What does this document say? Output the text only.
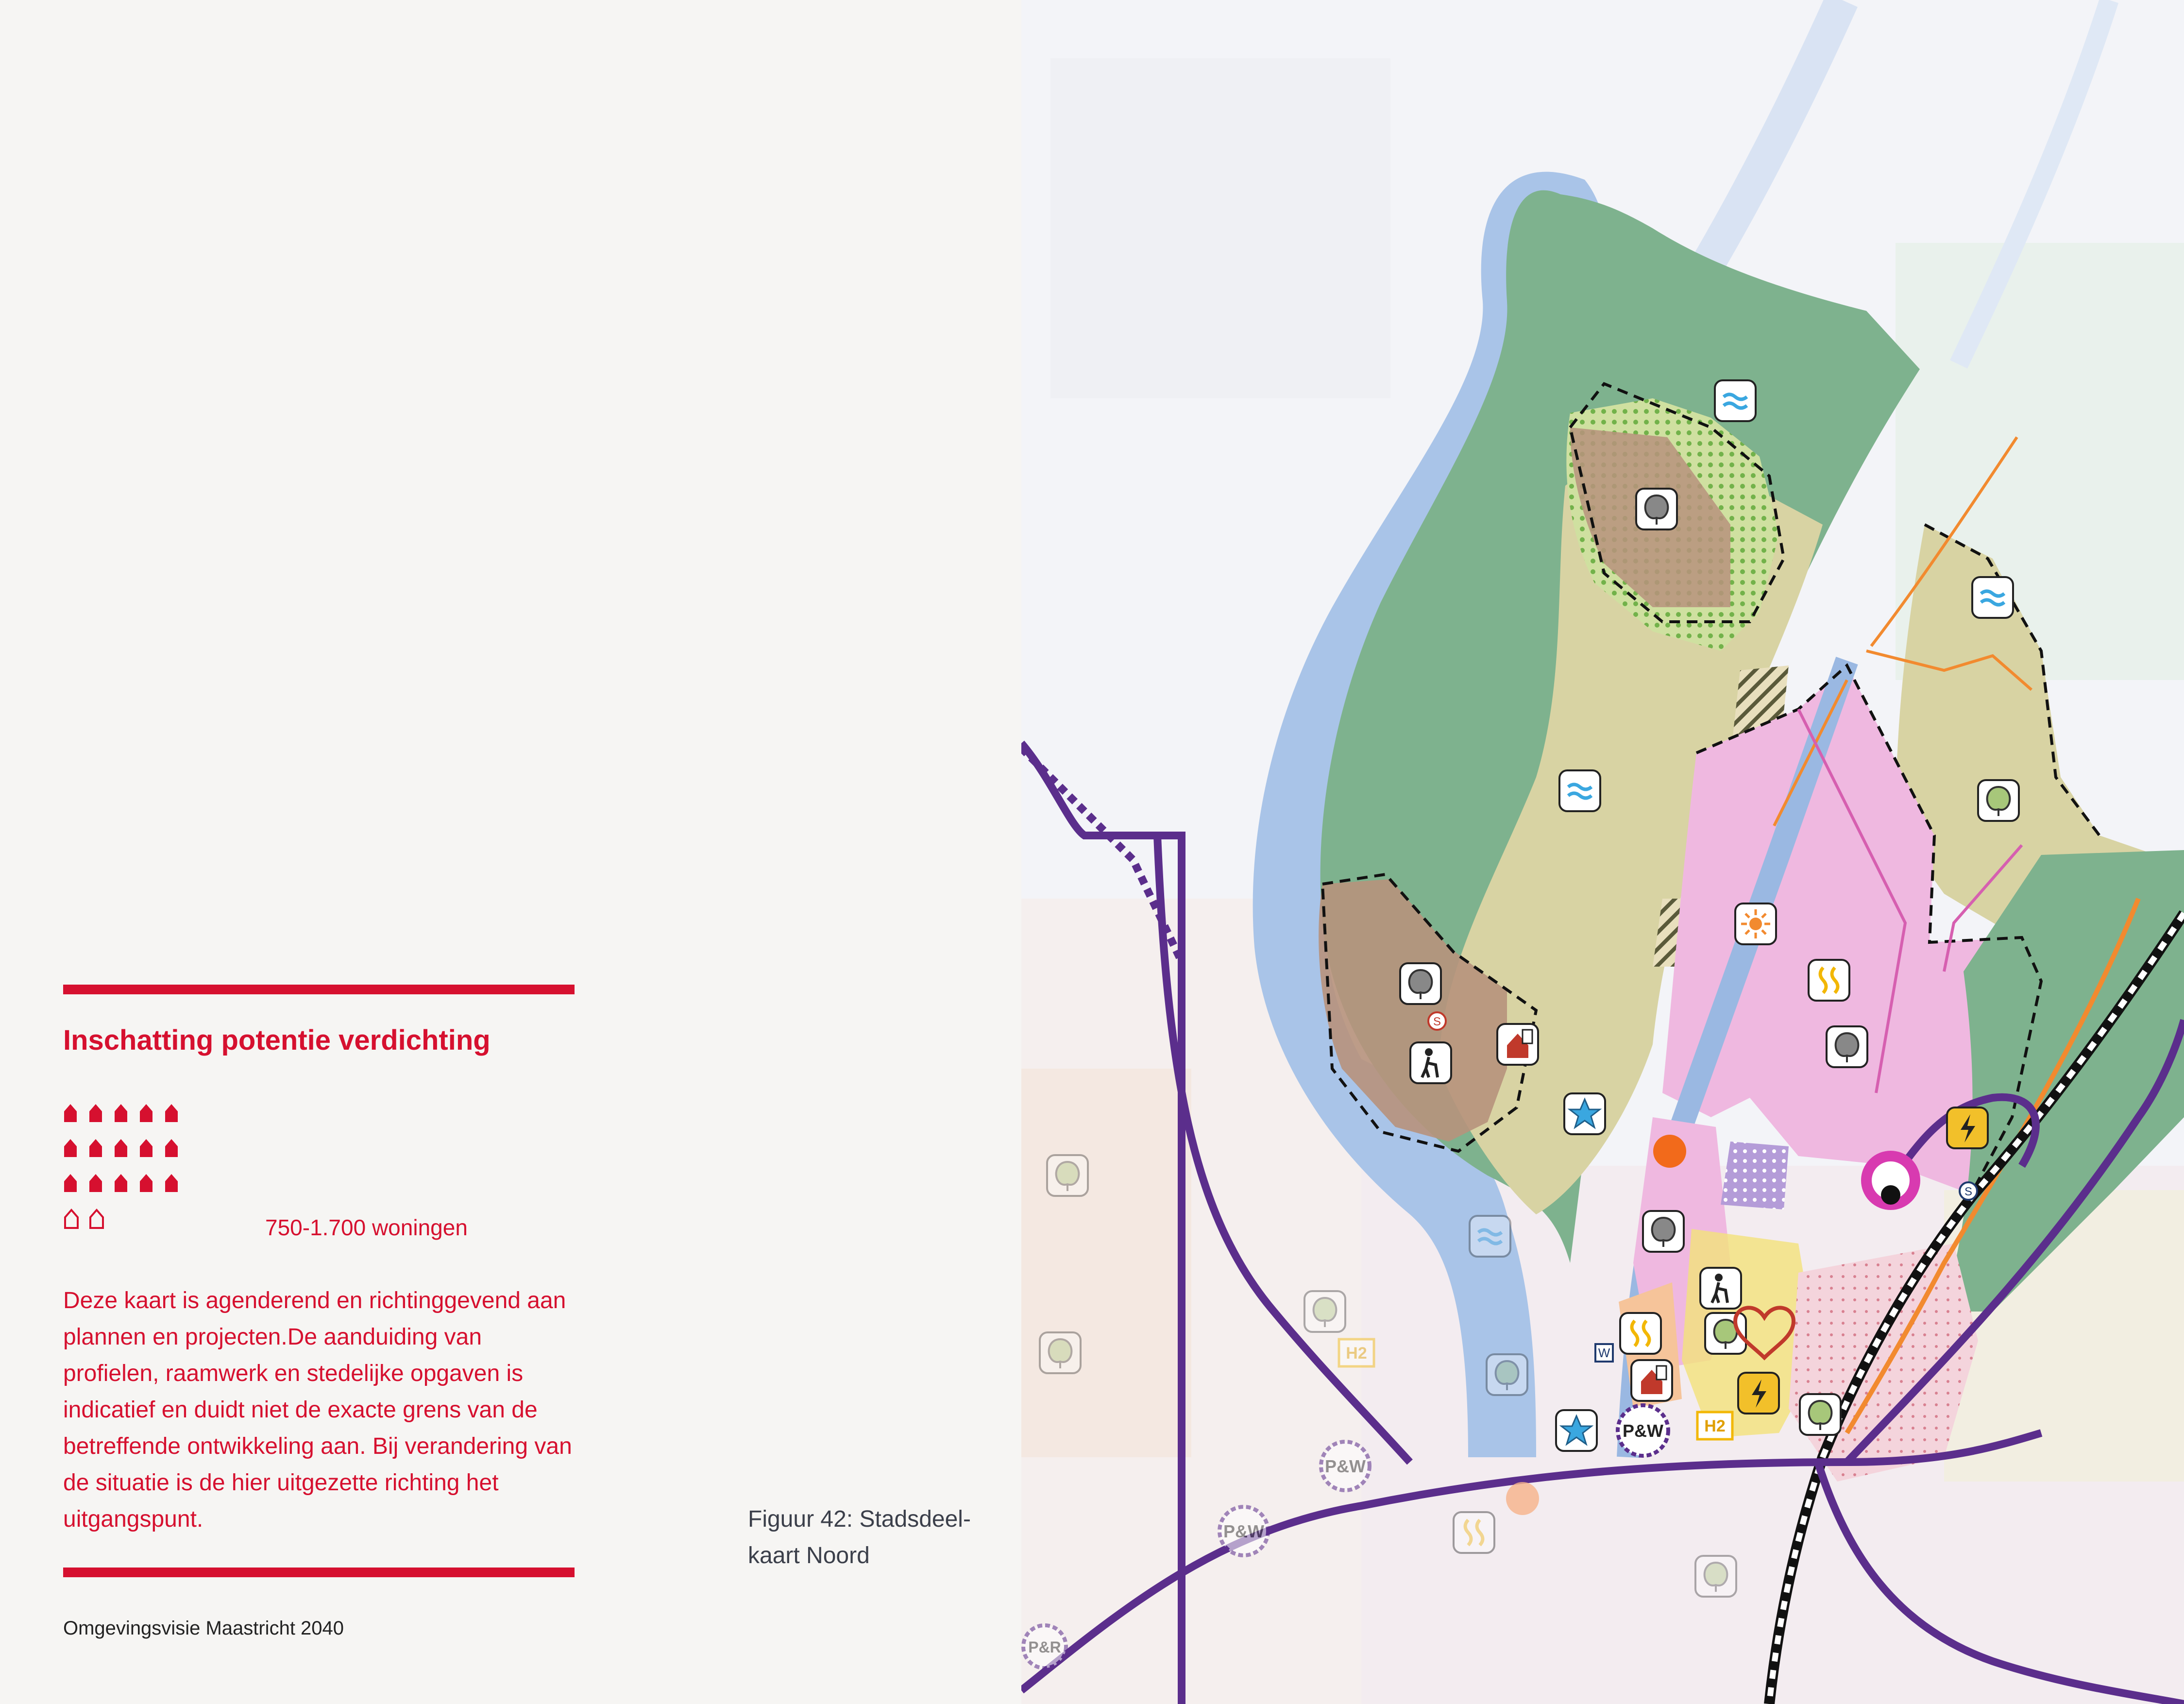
Inschatting potentie verdichting
750-1.700 woningen
Deze kaart is agenderend en richtinggevend aan plannen en projecten.De aanduiding van profielen, raamwerk en stedelijke opgaven is indicatief en duidt niet de exacte grens van de betreffende ontwikkeling aan. Bij verandering van de situatie is de hier uitgezette richting het uitgangspunt.	Figuur 42: Stadsdeel-kaart Noord
Omgevingsvisie Maastricht 2040
P&W
P&W
P&W
P&R
H2
H2
S
S
W
